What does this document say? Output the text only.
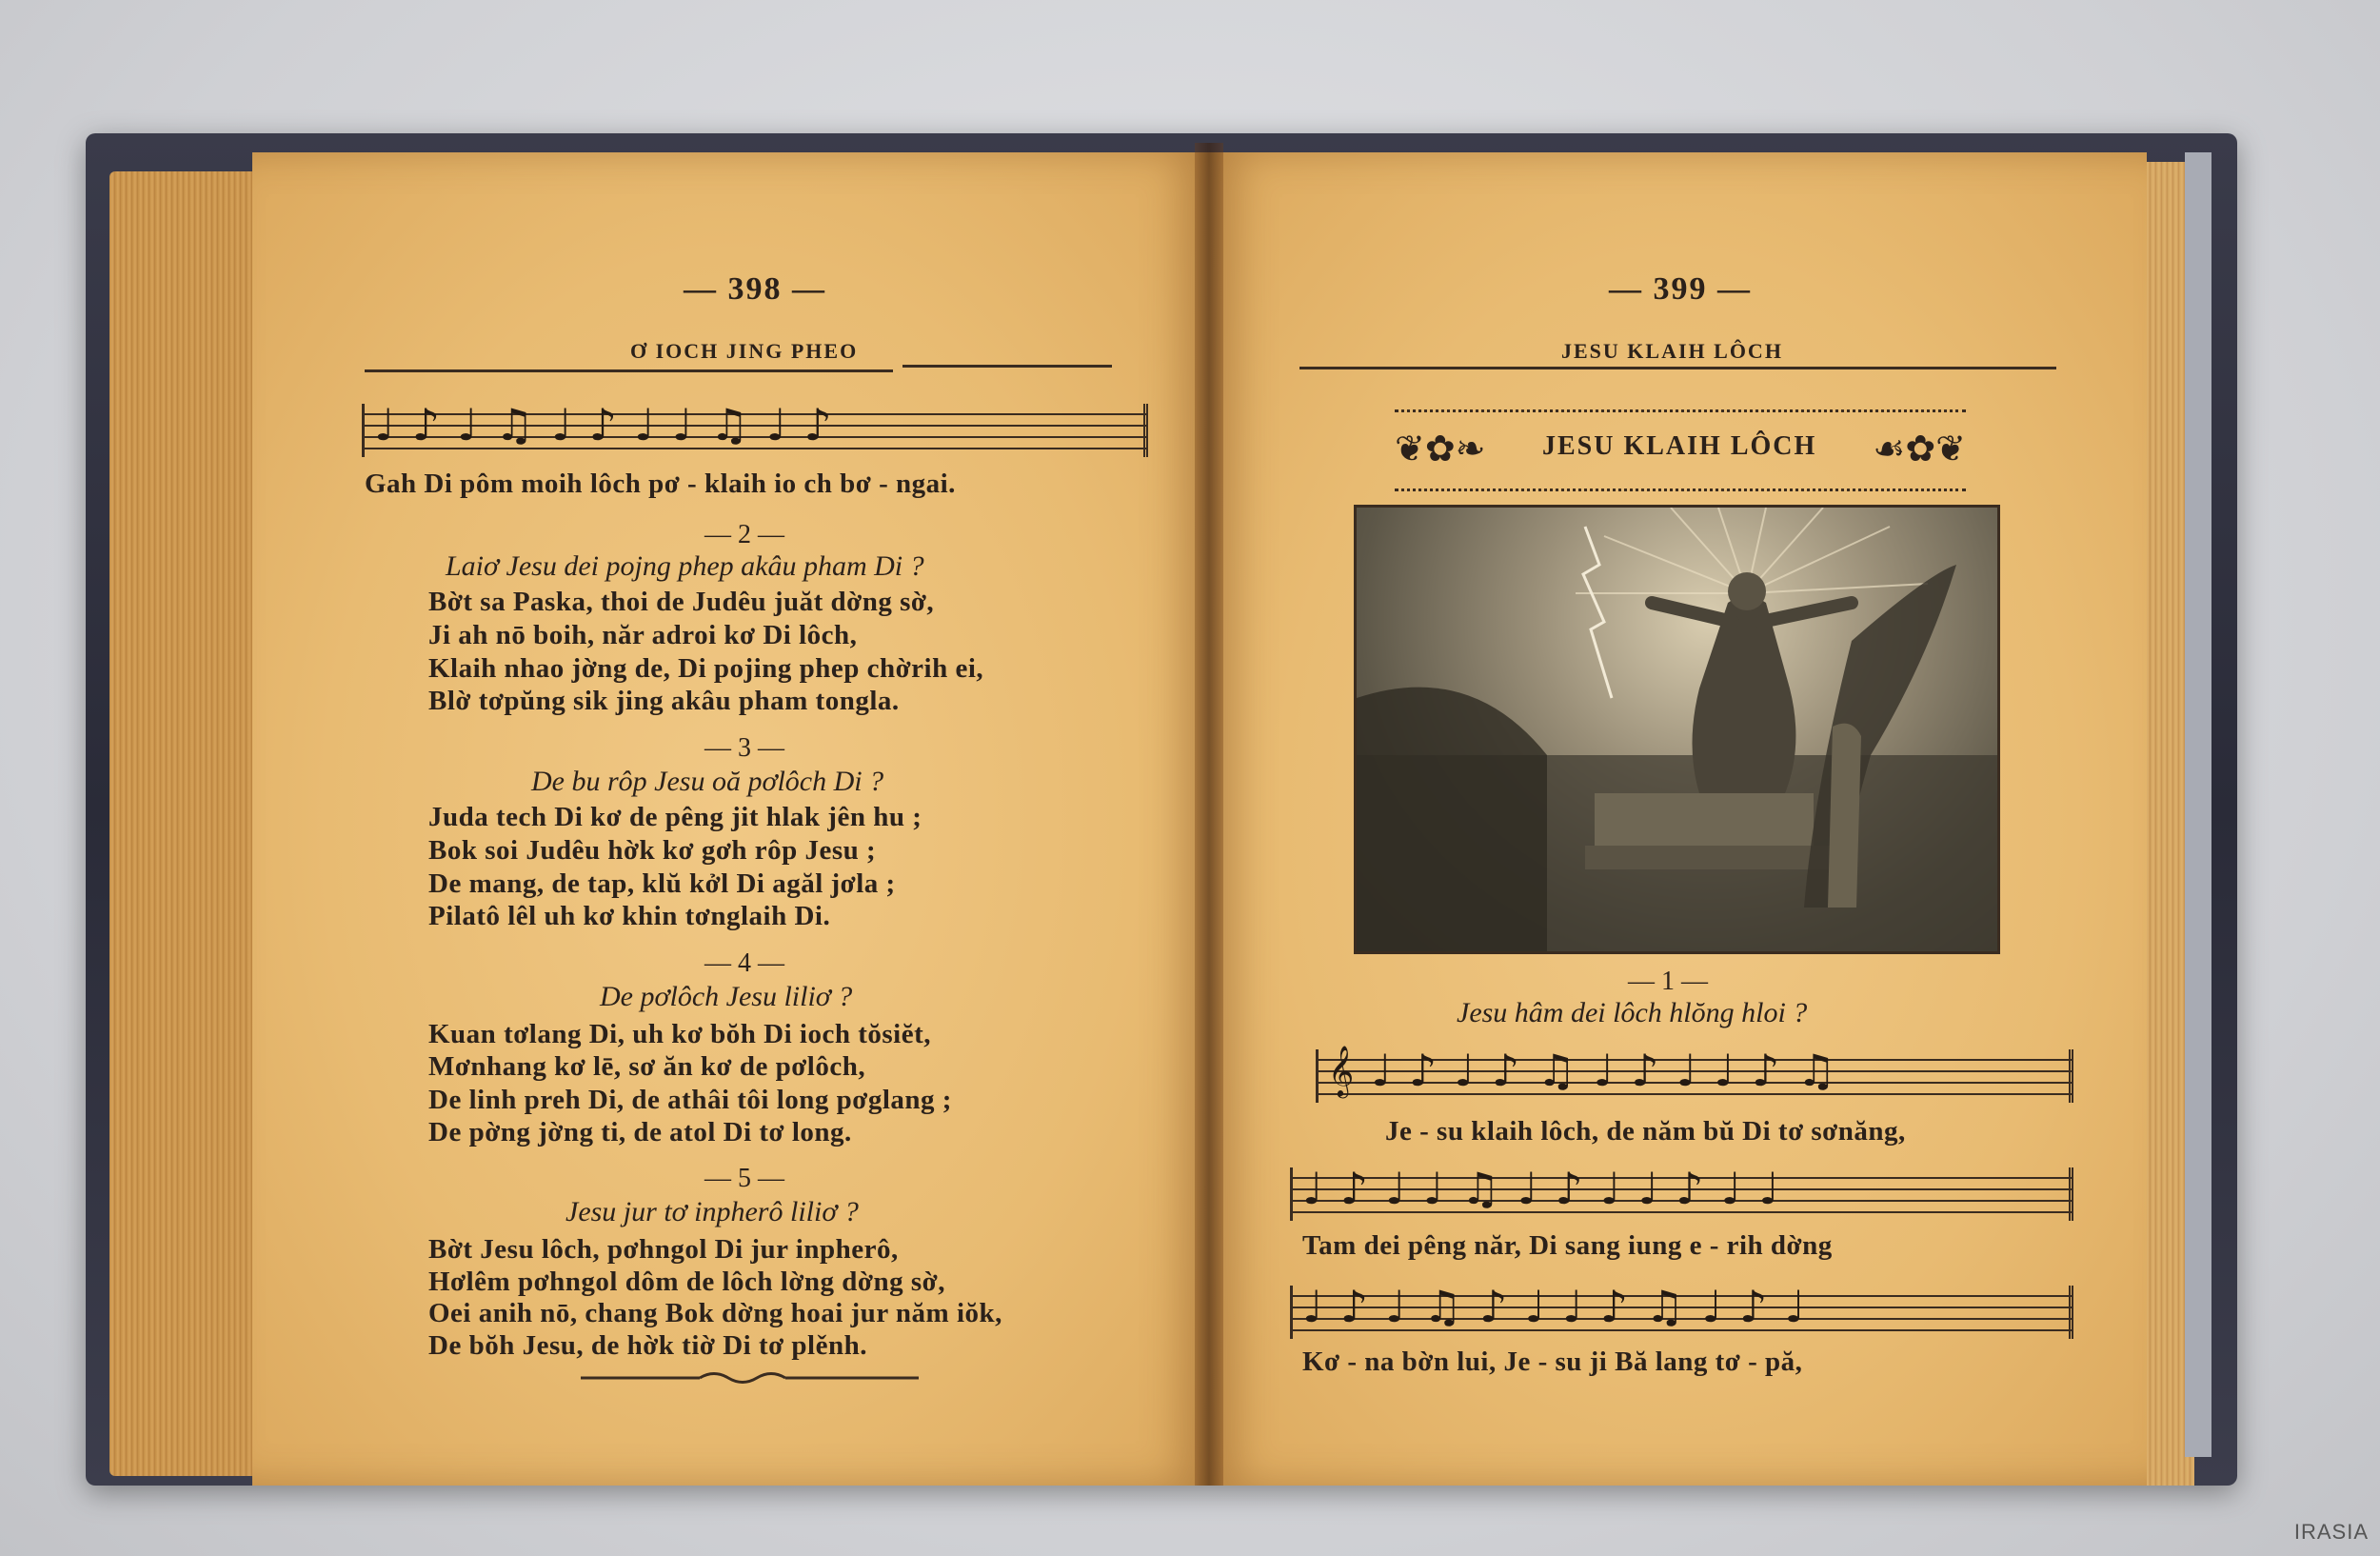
— 398 —
Ơ IOCH JING PHEO
♩♪♩♫♩♪♩♩♫♩♪
Gah Di pôm moih lôch pơ - klaih io ch bơ - ngai.
— 2 —
Laiơ Jesu dei pojng phep akâu pham Di ?
Bờt sa Paska, thoi de Judêu juăt dờng sờ,
Ji ah nō boih, năr adroi kơ Di lôch,
Klaih nhao jờng de, Di pojing phep chờrih ei,
Blờ tơpŭng sik jing akâu pham tongla.
— 3 —
De bu rôp Jesu oă pơlôch Di ?
Juda tech Di kơ de pêng jit hlak jên hu ;
Bok soi Judêu hờk kơ gơh rôp Jesu ;
De mang, de tap, klŭ kởl Di agăl jơla ;
Pilatô lêl uh kơ khin tơnglaih Di.
— 4 —
De pơlôch Jesu liliơ ?
Kuan tơlang Di, uh kơ bŏh Di ioch tŏsiĕt,
Mơnhang kơ lē, sơ ăn kơ de pơlôch,
De linh preh Di, de athâi tôi long pơglang ;
De pờng jờng ti, de atol Di tơ long.
— 5 —
Jesu jur tơ inpherô liliơ ?
Bờt Jesu lôch, pơhngol Di jur inpherô,
Hơlêm pơhngol dôm de lôch lờng dờng sờ,
Oei anih nō, chang Bok dờng hoai jur năm iŏk,
De bŏh Jesu, de hờk tiờ Di tơ plěnh.
— 399 —
JESU KLAIH LÔCH
❦✿❧ JESU KLAIH LÔCH ☙✿❦
— 1 —
Jesu hâm dei lôch hlŏng hloi ?
𝄞♩♪♩♪♫♩♪♩♩♪♫
Je - su klaih lôch, de năm bŭ Di tơ sơnăng,
♩♪♩♩♫♩♪♩♩♪♩♩
Tam dei pêng năr, Di sang iung e - rih dờng
♩♪♩♫♪♩♩♪♫♩♪♩
Kơ - na bờn lui, Je - su ji Bă lang tơ - pă,
IRASIA
